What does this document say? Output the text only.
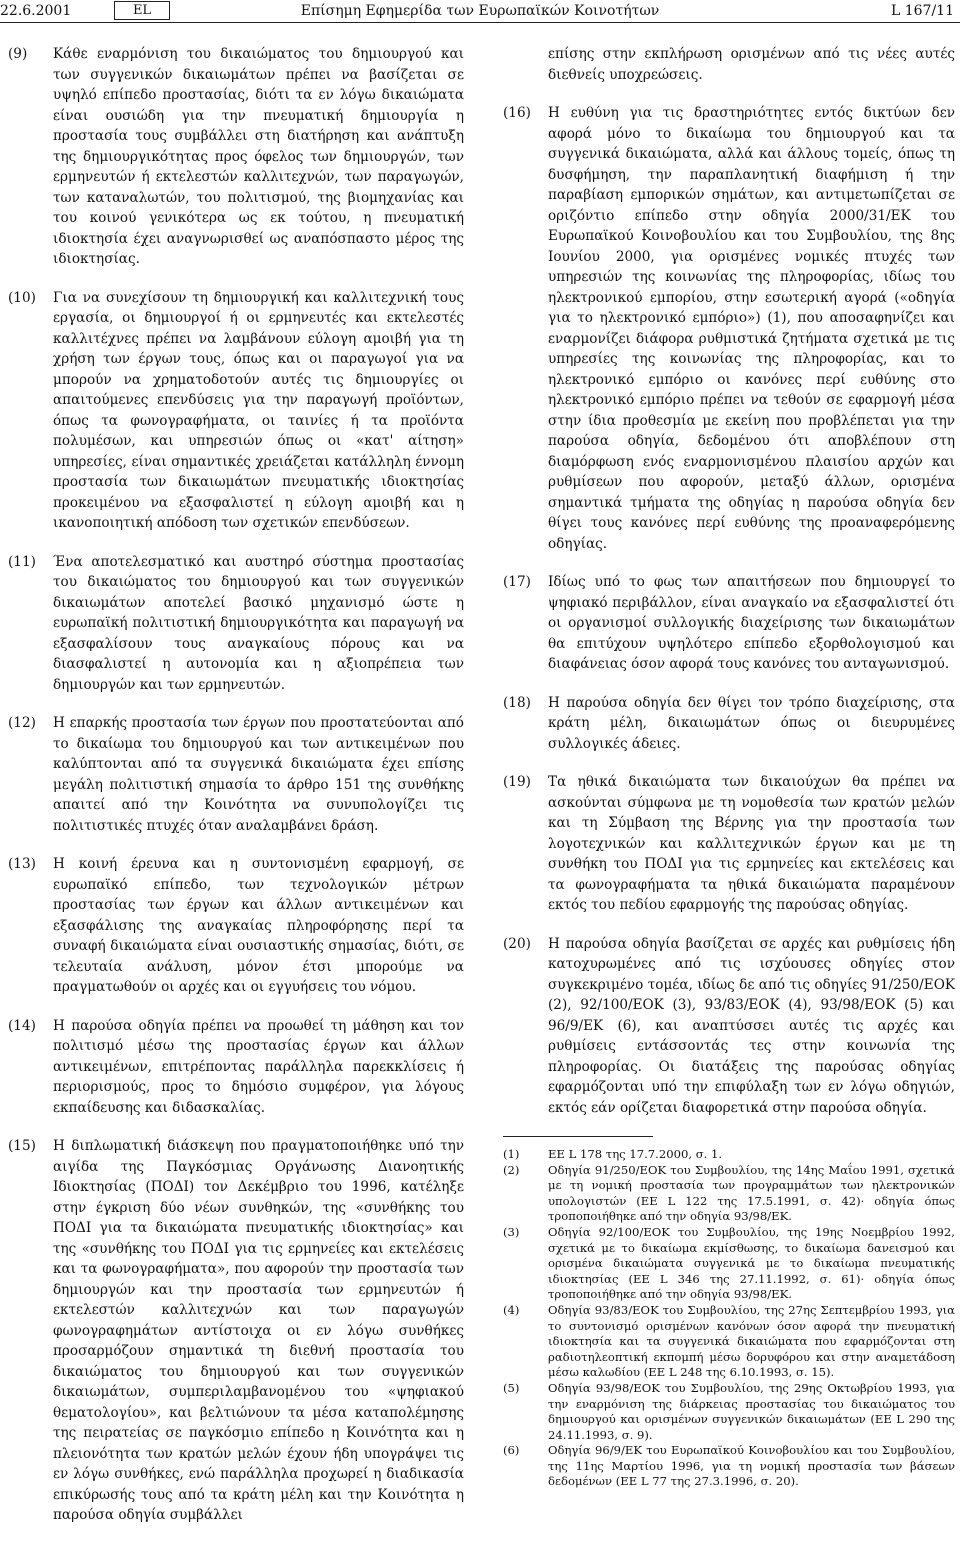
22.6.2001	EL	Επίσημη Εφημερίδα των Ευρωπαϊκών Κοινοτήτων	L 167/11
(9)	Κάθε εναρμόνιση του δικαιώματος του δημιουργού και των συγγενικών δικαιωμάτων πρέπει να βασίζεται σε υψηλό επίπεδο προστασίας, διότι τα εν λόγω δικαιώματα είναι ουσιώδη για την πνευματική δημιουργία η προστασία τους συμβάλλει στη διατήρηση και ανάπτυξη της δημιουργικότητας προς όφελος των δημιουργών, των ερμηνευτών ή εκτελεστών καλλιτεχνών, των παραγωγών, των καταναλωτών, του πολιτισμού, της βιομηχανίας και του κοινού γενικότερα ως εκ τούτου, η πνευματική ιδιοκτησία έχει αναγνωρισθεί ως αναπόσπαστο μέρος της ιδιοκτησίας.
(10)	Για να συνεχίσουν τη δημιουργική και καλλιτεχνική τους εργασία, οι δημιουργοί ή οι ερμηνευτές και εκτελεστές καλλιτέχνες πρέπει να λαμβάνουν εύλογη αμοιβή για τη χρήση των έργων τους, όπως και οι παραγωγοί για να μπορούν να χρηματοδοτούν αυτές τις δημιουργίες οι απαιτούμενες επενδύσεις για την παραγωγή προϊόντων, όπως τα φωνογραφήματα, οι ταινίες ή τα προϊόντα πολυμέσων, και υπηρεσιών όπως οι «κατ' αίτηση» υπηρεσίες, είναι σημαντικές χρειάζεται κατάλληλη έννομη προστασία των δικαιωμάτων πνευματικής ιδιοκτησίας προκειμένου να εξασφαλιστεί η εύλογη αμοιβή και η ικανοποιητική απόδοση των σχετικών επενδύσεων.
(11)	Ένα αποτελεσματικό και αυστηρό σύστημα προστασίας του δικαιώματος του δημιουργού και των συγγενικών δικαιωμάτων αποτελεί βασικό μηχανισμό ώστε η ευρωπαϊκή πολιτιστική δημιουργικότητα και παραγωγή να εξασφαλίσουν τους αναγκαίους πόρους και να διασφαλιστεί η αυτονομία και η αξιοπρέπεια των δημιουργών και των ερμηνευτών.
(12)	Η επαρκής προστασία των έργων που προστατεύονται από το δικαίωμα του δημιουργού και των αντικειμένων που καλύπτονται από τα συγγενικά δικαιώματα έχει επίσης μεγάλη πολιτιστική σημασία το άρθρο 151 της συνθήκης απαιτεί από την Κοινότητα να συνυπολογίζει τις πολιτιστικές πτυχές όταν αναλαμβάνει δράση.
(13)	Η κοινή έρευνα και η συντονισμένη εφαρμογή, σε ευρωπαϊκό επίπεδο, των τεχνολογικών μέτρων προστασίας των έργων και άλλων αντικειμένων και εξασφάλισης της αναγκαίας πληροφόρησης περί τα συναφή δικαιώματα είναι ουσιαστικής σημασίας, διότι, σε τελευταία ανάλυση, μόνον έτσι μπορούμε να πραγματωθούν οι αρχές και οι εγγυήσεις του νόμου.
(14)	Η παρούσα οδηγία πρέπει να προωθεί τη μάθηση και τον πολιτισμό μέσω της προστασίας έργων και άλλων αντικειμένων, επιτρέποντας παράλληλα παρεκκλίσεις ή περιορισμούς, προς το δημόσιο συμφέρον, για λόγους εκπαίδευσης και διδασκαλίας.
(15)	Η διπλωματική διάσκεψη που πραγματοποιήθηκε υπό την αιγίδα της Παγκόσμιας Οργάνωσης Διανοητικής Ιδιοκτησίας (ΠΟΔΙ) τον Δεκέμβριο του 1996, κατέληξε στην έγκριση δύο νέων συνθηκών, της «συνθήκης του ΠΟΔΙ για τα δικαιώματα πνευματικής ιδιοκτησίας» και της «συνθήκης του ΠΟΔΙ για τις ερμηνείες και εκτελέσεις και τα φωνογραφήματα», που αφορούν την προστασία των δημιουργών και την προστασία των ερμηνευτών ή εκτελεστών καλλιτεχνών και των παραγωγών φωνογραφημάτων αντίστοιχα οι εν λόγω συνθήκες προσαρμόζουν σημαντικά τη διεθνή προστασία του δικαιώματος του δημιουργού και των συγγενικών δικαιωμάτων, συμπεριλαμβανομένου του «ψηφιακού θεματολογίου», και βελτιώνουν τα μέσα καταπολέμησης της πειρατείας σε παγκόσμιο επίπεδο η Κοινότητα και η πλειονότητα των κρατών μελών έχουν ήδη υπογράψει τις εν λόγω συνθήκες, ενώ παράλληλα προχωρεί η διαδικασία επικύρωσής τους από τα κράτη μέλη και την Κοινότητα η παρούσα οδηγία συμβάλλει
επίσης στην εκπλήρωση ορισμένων από τις νέες αυτές διεθνείς υποχρεώσεις.
(16)	Η ευθύνη για τις δραστηριότητες εντός δικτύων δεν αφορά μόνο το δικαίωμα του δημιουργού και τα συγγενικά δικαιώματα, αλλά και άλλους τομείς, όπως τη δυσφήμηση, την παραπλανητική διαφήμιση ή την παραβίαση εμπορικών σημάτων, και αντιμετωπίζεται σε οριζόντιο επίπεδο στην οδηγία 2000/31/ΕΚ του Ευρωπαϊκού Κοινοβουλίου και του Συμβουλίου, της 8ης Ιουνίου 2000, για ορισμένες νομικές πτυχές των υπηρεσιών της κοινωνίας της πληροφορίας, ιδίως του ηλεκτρονικού εμπορίου, στην εσωτερική αγορά («οδηγία για το ηλεκτρονικό εμπόριο») (1), που αποσαφηνίζει και εναρμονίζει διάφορα ρυθμιστικά ζητήματα σχετικά με τις υπηρεσίες της κοινωνίας της πληροφορίας, και το ηλεκτρονικό εμπόριο οι κανόνες περί ευθύνης στο ηλεκτρονικό εμπόριο πρέπει να τεθούν σε εφαρμογή μέσα στην ίδια προθεσμία με εκείνη που προβλέπεται για την παρούσα οδηγία, δεδομένου ότι αποβλέπουν στη διαμόρφωση ενός εναρμονισμένου πλαισίου αρχών και ρυθμίσεων που αφορούν, μεταξύ άλλων, ορισμένα σημαντικά τμήματα της οδηγίας η παρούσα οδηγία δεν θίγει τους κανόνες περί ευθύνης της προαναφερόμενης οδηγίας.
(17)	Ιδίως υπό το φως των απαιτήσεων που δημιουργεί το ψηφιακό περιβάλλον, είναι αναγκαίο να εξασφαλιστεί ότι οι οργανισμοί συλλογικής διαχείρισης των δικαιωμάτων θα επιτύχουν υψηλότερο επίπεδο εξορθολογισμού και διαφάνειας όσον αφορά τους κανόνες του ανταγωνισμού.
(18)	Η παρούσα οδηγία δεν θίγει τον τρόπο διαχείρισης, στα κράτη μέλη, δικαιωμάτων όπως οι διευρυμένες συλλογικές άδειες.
(19)	Τα ηθικά δικαιώματα των δικαιούχων θα πρέπει να ασκούνται σύμφωνα με τη νομοθεσία των κρατών μελών και τη Σύμβαση της Βέρνης για την προστασία των λογοτεχνικών και καλλιτεχνικών έργων και με τη συνθήκη του ΠΟΔΙ για τις ερμηνείες και εκτελέσεις και τα φωνογραφήματα τα ηθικά δικαιώματα παραμένουν εκτός του πεδίου εφαρμογής της παρούσας οδηγίας.
(20)	Η παρούσα οδηγία βασίζεται σε αρχές και ρυθμίσεις ήδη κατοχυρωμένες από τις ισχύουσες οδηγίες στον συγκεκριμένο τομέα, ιδίως δε από τις οδηγίες 91/250/ΕΟΚ (2), 92/100/ΕΟΚ (3), 93/83/ΕΟΚ (4), 93/98/ΕΟΚ (5) και 96/9/ΕΚ (6), και αναπτύσσει αυτές τις αρχές και ρυθμίσεις εντάσσοντάς τες στην κοινωνία της πληροφορίας. Οι διατάξεις της παρούσας οδηγίας εφαρμόζονται υπό την επιφύλαξη των εν λόγω οδηγιών, εκτός εάν ορίζεται διαφορετικά στην παρούσα οδηγία.
(1)	ΕΕ L 178 της 17.7.2000, σ. 1.
(2)	Οδηγία 91/250/ΕΟΚ του Συμβουλίου, της 14ης Μαΐου 1991, σχετικά με τη νομική προστασία των προγραμμάτων των ηλεκτρονικών υπολογιστών (ΕΕ L 122 της 17.5.1991, σ. 42)· οδηγία όπως τροποποιήθηκε από την οδηγία 93/98/ΕΚ.
(3)	Οδηγία 92/100/ΕΟΚ του Συμβουλίου, της 19ης Νοεμβρίου 1992, σχετικά με το δικαίωμα εκμίσθωσης, το δικαίωμα δανεισμού και ορισμένα δικαιώματα συγγενικά με το δικαίωμα πνευματικής ιδιοκτησίας (ΕΕ L 346 της 27.11.1992, σ. 61)· οδηγία όπως τροποποιήθηκε από την οδηγία 93/98/ΕΚ.
(4)	Οδηγία 93/83/ΕΟΚ του Συμβουλίου, της 27ης Σεπτεμβρίου 1993, για το συντονισμό ορισμένων κανόνων όσον αφορά την πνευματική ιδιοκτησία και τα συγγενικά δικαιώματα που εφαρμόζονται στη ραδιοτηλεοπτική εκπομπή μέσω δορυφόρου και στην αναμετάδοση μέσω καλωδίου (ΕΕ L 248 της 6.10.1993, σ. 15).
(5)	Οδηγία 93/98/ΕΟΚ του Συμβουλίου, της 29ης Οκτωβρίου 1993, για την εναρμόνιση της διάρκειας προστασίας του δικαιώματος του δημιουργού και ορισμένων συγγενικών δικαιωμάτων (ΕΕ L 290 της 24.11.1993, σ. 9).
(6)	Οδηγία 96/9/ΕΚ του Ευρωπαϊκού Κοινοβουλίου και του Συμβουλίου, της 11ης Μαρτίου 1996, για τη νομική προστασία των βάσεων δεδομένων (ΕΕ L 77 της 27.3.1996, σ. 20).
